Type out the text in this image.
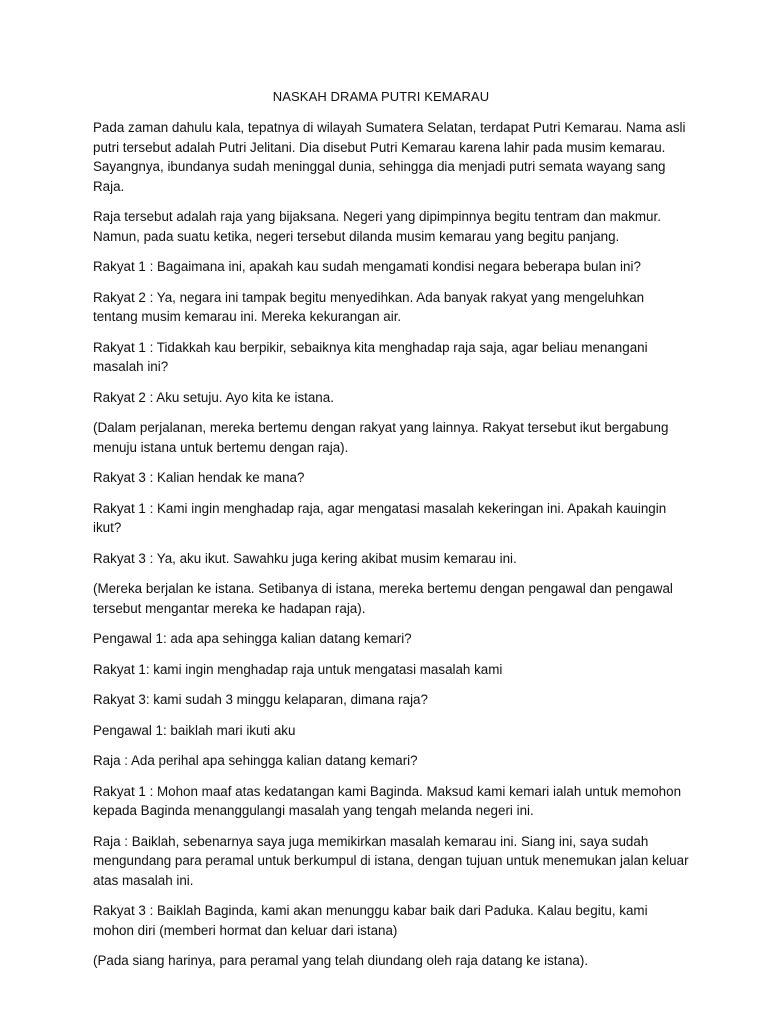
NASKAH DRAMA PUTRI KEMARAU

Pada zaman dahulu kala, tepatnya di wilayah Sumatera Selatan, terdapat Putri Kemarau. Nama asli putri tersebut adalah Putri Jelitani. Dia disebut Putri Kemarau karena lahir pada musim kemarau. Sayangnya, ibundanya sudah meninggal dunia, sehingga dia menjadi putri semata wayang sang Raja.

Raja tersebut adalah raja yang bijaksana. Negeri yang dipimpinnya begitu tentram dan makmur. Namun, pada suatu ketika, negeri tersebut dilanda musim kemarau yang begitu panjang.

Rakyat 1 : Bagaimana ini, apakah kau sudah mengamati kondisi negara beberapa bulan ini?

Rakyat 2 : Ya, negara ini tampak begitu menyedihkan. Ada banyak rakyat yang mengeluhkan tentang musim kemarau ini. Mereka kekurangan air.

Rakyat 1 : Tidakkah kau berpikir, sebaiknya kita menghadap raja saja, agar beliau menangani masalah ini?

Rakyat 2 : Aku setuju. Ayo kita ke istana.

(Dalam perjalanan, mereka bertemu dengan rakyat yang lainnya. Rakyat tersebut ikut bergabung menuju istana untuk bertemu dengan raja).

Rakyat 3 : Kalian hendak ke mana?

Rakyat 1 : Kami ingin menghadap raja, agar mengatasi masalah kekeringan ini. Apakah kauingin ikut?

Rakyat 3 : Ya, aku ikut. Sawahku juga kering akibat musim kemarau ini.

(Mereka berjalan ke istana. Setibanya di istana, mereka bertemu dengan pengawal dan pengawal tersebut mengantar mereka ke hadapan raja).

Pengawal 1: ada apa sehingga kalian datang kemari?

Rakyat 1: kami ingin menghadap raja untuk mengatasi masalah kami

Rakyat 3: kami sudah 3 minggu kelaparan, dimana raja?

Pengawal 1: baiklah mari ikuti aku

Raja : Ada perihal apa sehingga kalian datang kemari?

Rakyat 1 : Mohon maaf atas kedatangan kami Baginda. Maksud kami kemari ialah untuk memohon kepada Baginda menanggulangi masalah yang tengah melanda negeri ini.

Raja : Baiklah, sebenarnya saya juga memikirkan masalah kemarau ini. Siang ini, saya sudah mengundang para peramal untuk berkumpul di istana, dengan tujuan untuk menemukan jalan keluar atas masalah ini.

Rakyat 3 : Baiklah Baginda, kami akan menunggu kabar baik dari Paduka. Kalau begitu, kami mohon diri (memberi hormat dan keluar dari istana)

(Pada siang harinya, para peramal yang telah diundang oleh raja datang ke istana).
